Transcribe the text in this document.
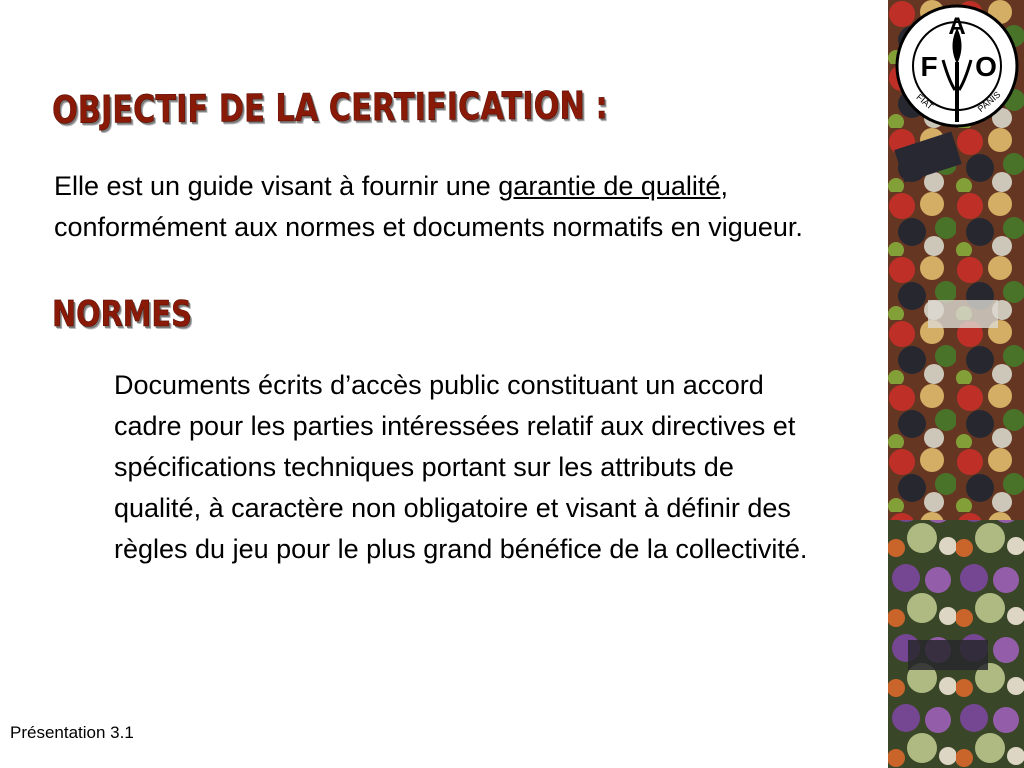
OBJECTIF DE LA CERTIFICATION :
Elle est un guide visant à fournir une garantie de qualité, conformément aux normes et documents normatifs en vigueur.
NORMES
Documents écrits d’accès public constituant un accord cadre pour les parties intéressées relatif aux directives et spécifications techniques portant sur les attributs de qualité, à caractère non obligatoire et visant à définir des règles du jeu pour le plus grand bénéfice de la collectivité.
Présentation 3.1
A
F O
FIAT	PANIS
